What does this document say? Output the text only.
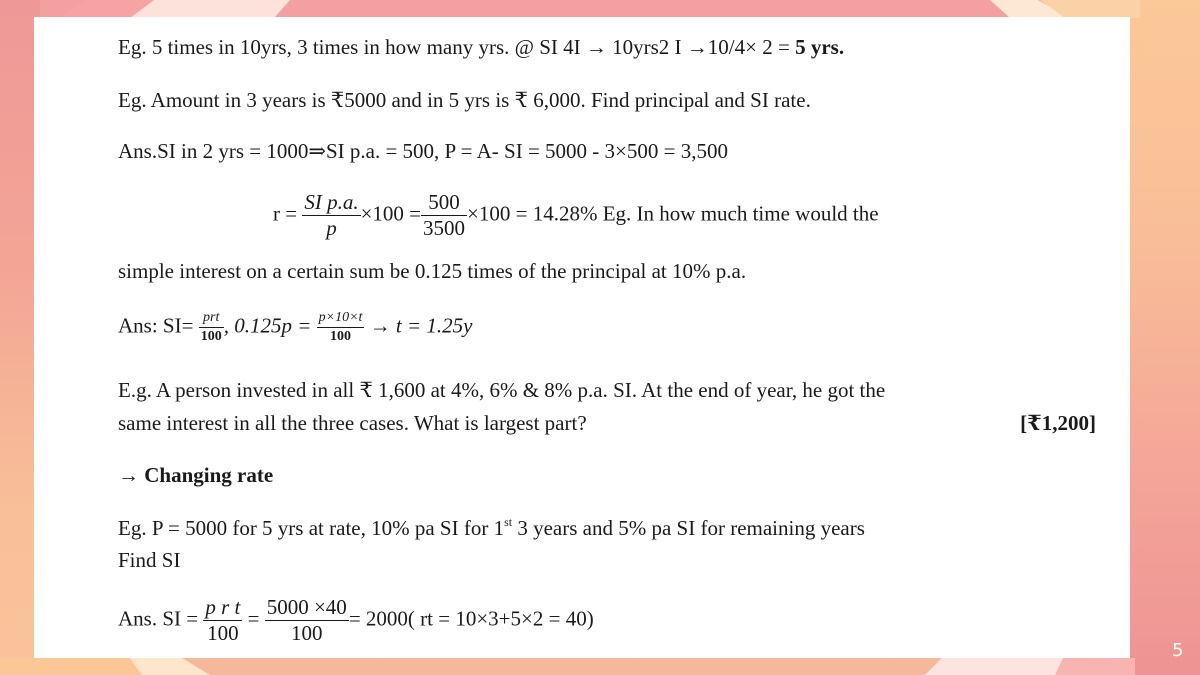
Eg. 5 times in 10yrs, 3 times in how many yrs. @ SI 4I → 10yrs2 I →10/4× 2 = 5 yrs.
Eg. Amount in 3 years is ₹5000 and in 5 yrs is ₹ 6,000. Find principal and SI rate.
Ans.SI in 2 yrs = 1000⇒SI p.a. = 500, P = A- SI = 5000 - 3×500 = 3,500
$r = \frac{\text{SI p.a.}}{p} \times 100 = \frac{500}{3500} \times 100 = 14.28\%$ Eg. In how much time would the
simple interest on a certain sum be 0.125 times of the principal at 10% p.a.
Ans: $SI= \frac{\text{prt}}{100}$ , $0.125p = \frac{p\times 10\times t}{100} \to t = 1.25y$
E.g. A person invested in all ₹ 1,600 at 4%, 6% & 8% p.a. SI. At the end of year, he got the
same interest in all the three cases. What is largest part?	[₹1,200]
→ Changing rate
Eg. P = 5000 for 5 yrs at rate, 10% pa SI for 1st 3 years and 5% pa SI for remaining years
Find SI
Ans. SI = $\frac{\text{p r t}}{100} = \frac{5000 \times 40}{100} = 2000$( rt = 10×3+5×2 = 40)
5
